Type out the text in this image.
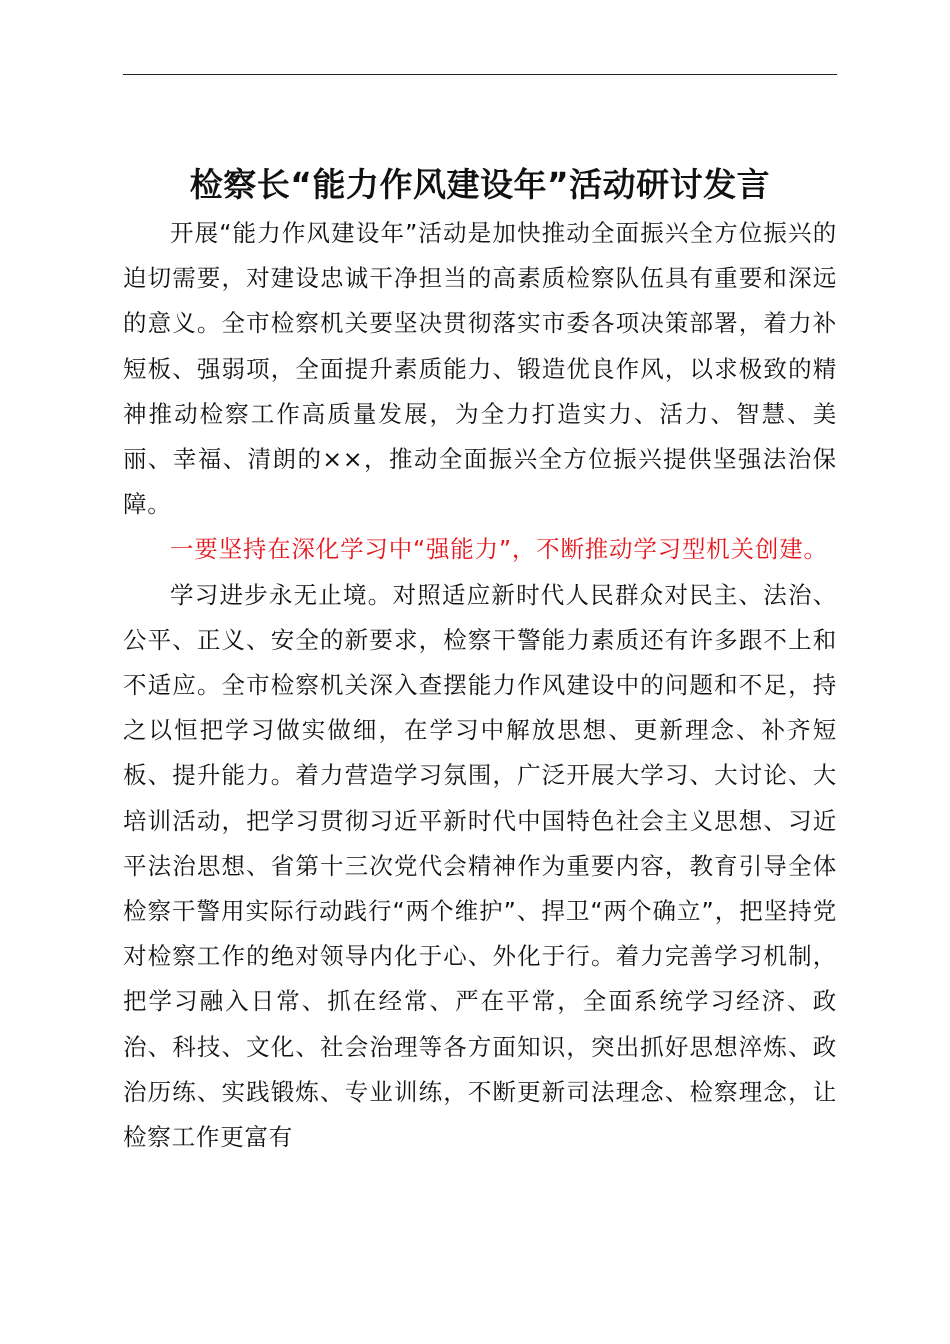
检察长“能力作风建设年”活动研讨发言

开展“能力作风建设年”活动是加快推动全面振兴全方位振兴的迫切需要，对建设忠诚干净担当的高素质检察队伍具有重要和深远的意义。全市检察机关要坚决贯彻落实市委各项决策部署，着力补短板、强弱项，全面提升素质能力、锻造优良作风，以求极致的精神推动检察工作高质量发展，为全力打造实力、活力、智慧、美丽、幸福、清朗的××，推动全面振兴全方位振兴提供坚强法治保障。

一要坚持在深化学习中“强能力”，不断推动学习型机关创建。

学习进步永无止境。对照适应新时代人民群众对民主、法治、公平、正义、安全的新要求，检察干警能力素质还有许多跟不上和不适应。全市检察机关深入查摆能力作风建设中的问题和不足，持之以恒把学习做实做细，在学习中解放思想、更新理念、补齐短板、提升能力。着力营造学习氛围，广泛开展大学习、大讨论、大培训活动，把学习贯彻习近平新时代中国特色社会主义思想、习近平法治思想、省第十三次党代会精神作为重要内容，教育引导全体检察干警用实际行动践行“两个维护”、捍卫“两个确立”，把坚持党对检察工作的绝对领导内化于心、外化于行。着力完善学习机制，把学习融入日常、抓在经常、严在平常，全面系统学习经济、政治、科技、文化、社会治理等各方面知识，突出抓好思想淬炼、政治历练、实践锻炼、专业训练，不断更新司法理念、检察理念，让检察工作更富有
